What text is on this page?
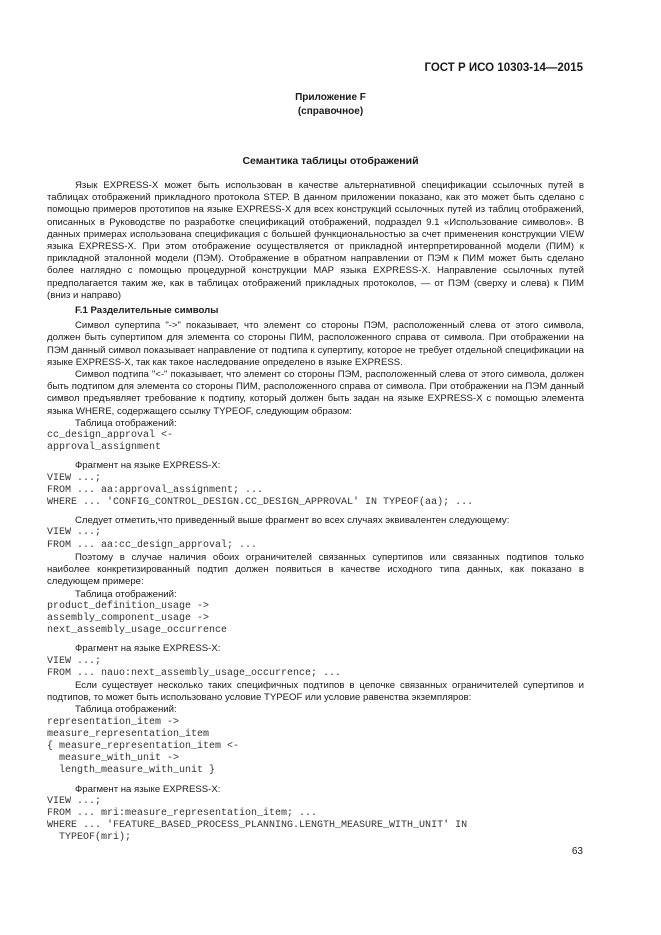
ГОСТ Р ИСО 10303-14—2015
Приложение F
(справочное)
Семантика таблицы отображений

Язык EXPRESS-X может быть использован в качестве альтернативной спецификации ссылочных путей в таблицах отображений прикладного протокола STEP. В данном приложении показано, как это может быть сделано с помощью примеров прототипов на языке EXPRESS-X для всех конструкций ссылочных путей из таблиц отображений, описанных в Руководстве по разработке спецификаций отображений, подраздел 9.1 «Использование символов». В данных примерах использована спецификация с большей функциональностью за счет применения конструкции VIEW языка EXPRESS-X. При этом отображение осуществляется от прикладной интерпретированной модели (ПИМ) к прикладной эталонной модели (ПЭМ). Отображение в обратном направлении от ПЭМ к ПИМ может быть сделано более наглядно с помощью процедурной конструкции MAP языка EXPRESS-X. Направление ссылочных путей предполагается таким же, как в таблицах отображений прикладных протоколов, — от ПЭМ (сверху и слева) к ПИМ (вниз и направо)

F.1 Разделительные символы

Символ супертипа "->" показывает, что элемент со стороны ПЭМ, расположенный слева от этого символа, должен быть супертипом для элемента со стороны ПИМ, расположенного справа от символа. При отображении на ПЭМ данный символ показывает направление от подтипа к супертипу, которое не требует отдельной спецификации на языке EXPRESS-X, так как такое наследование определено в языке EXPRESS.

Символ подтипа "<-" показывает, что элемент со стороны ПЭМ, расположенный слева от этого символа, должен быть подтипом для элемента со стороны ПИМ, расположенного справа от символа. При отображении на ПЭМ данный символ предъявляет требование к подтипу, который должен быть задан на языке EXPRESS-X с помощью элемента языка WHERE, содержащего ссылку TYPEOF, следующим образом:

Таблица отображений:

cc_design_approval <-
approval_assignment

Фрагмент на языке EXPRESS-X:

VIEW ...;
FROM ... aa:approval_assignment; ...
WHERE ... 'CONFIG_CONTROL_DESIGN.CC_DESIGN_APPROVAL' IN TYPEOF(aa); ...

Следует отметить,что приведенный выше фрагмент во всех случаях эквивалентен следующему:

VIEW ...;
FROM ... aa:cc_design_approval; ...

Поэтому в случае наличия обоих ограничителей связанных супертипов или связанных подтипов только наиболее конкретизированный подтип должен появиться в качестве исходного типа данных, как показано в следующем примере:

Таблица отображений:

product_definition_usage ->
assembly_component_usage ->
next_assembly_usage_occurrence

Фрагмент на языке EXPRESS-X:

VIEW ...;
FROM ... nauo:next_assembly_usage_occurrence; ...

Если существует несколько таких специфичных подтипов в цепочке связанных ограничителей супертипов и подтипов, то может быть использовано условие TYPEOF или условие равенства экземпляров:

Таблица отображений:

representation_item ->
measure_representation_item
{ measure_representation_item <-
measure_with_unit ->
length_measure_with_unit }

Фрагмент на языке EXPRESS-X:

VIEW ...;
FROM ... mri:measure_representation_item; ...
WHERE ... 'FEATURE_BASED_PROCESS_PLANNING.LENGTH_MEASURE_WITH_UNIT' IN
TYPEOF(mri);
63
